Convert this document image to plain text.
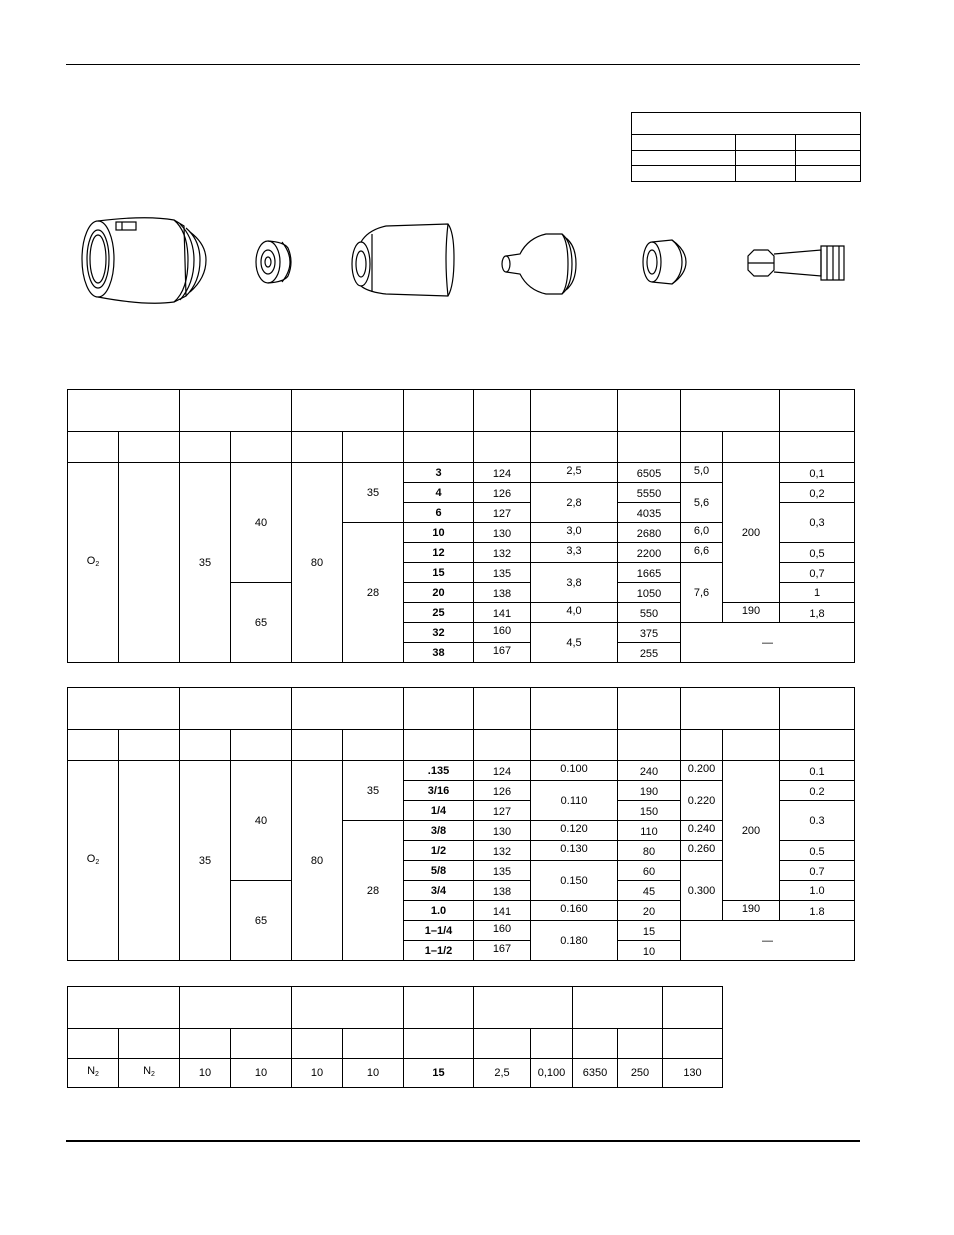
$O_2$		35	40	80	35	3	124	2,5	6505	5,0	200	0,1
						4	126	2,8	5550	5,6		0,2
						6	127		4035			0,3
					28	10	130	3,0	2680	6,0		
						12	132	3,3	2200	6,6		0,5
						15	135	3,8	1665	7,6		0,7
			65			20	138		1050			1
						25	141	4,0	550		190	1,8
						32	160	4,5	375	—		
						38	167		255			

$O_2$		35	40	80	35	.135	124	0.100	240	0.200	200	0.1
						3/16	126	0.110	190	0.220		0.2
						1/4	127		150			0.3
					28	3/8	130	0.120	110	0.240		
						1/2	132	0.130	80	0.260		0.5
						5/8	135	0.150	60	0.300		0.7
			65			3/4	138		45			1.0
						1.0	141	0.160	20		190	1.8
						1–1/4	160	0.180	15	—		
						1–1/2	167		10			

$N_2$	$N_2$	10	10	10	10	15	2,5	0,100	6350	250	130
